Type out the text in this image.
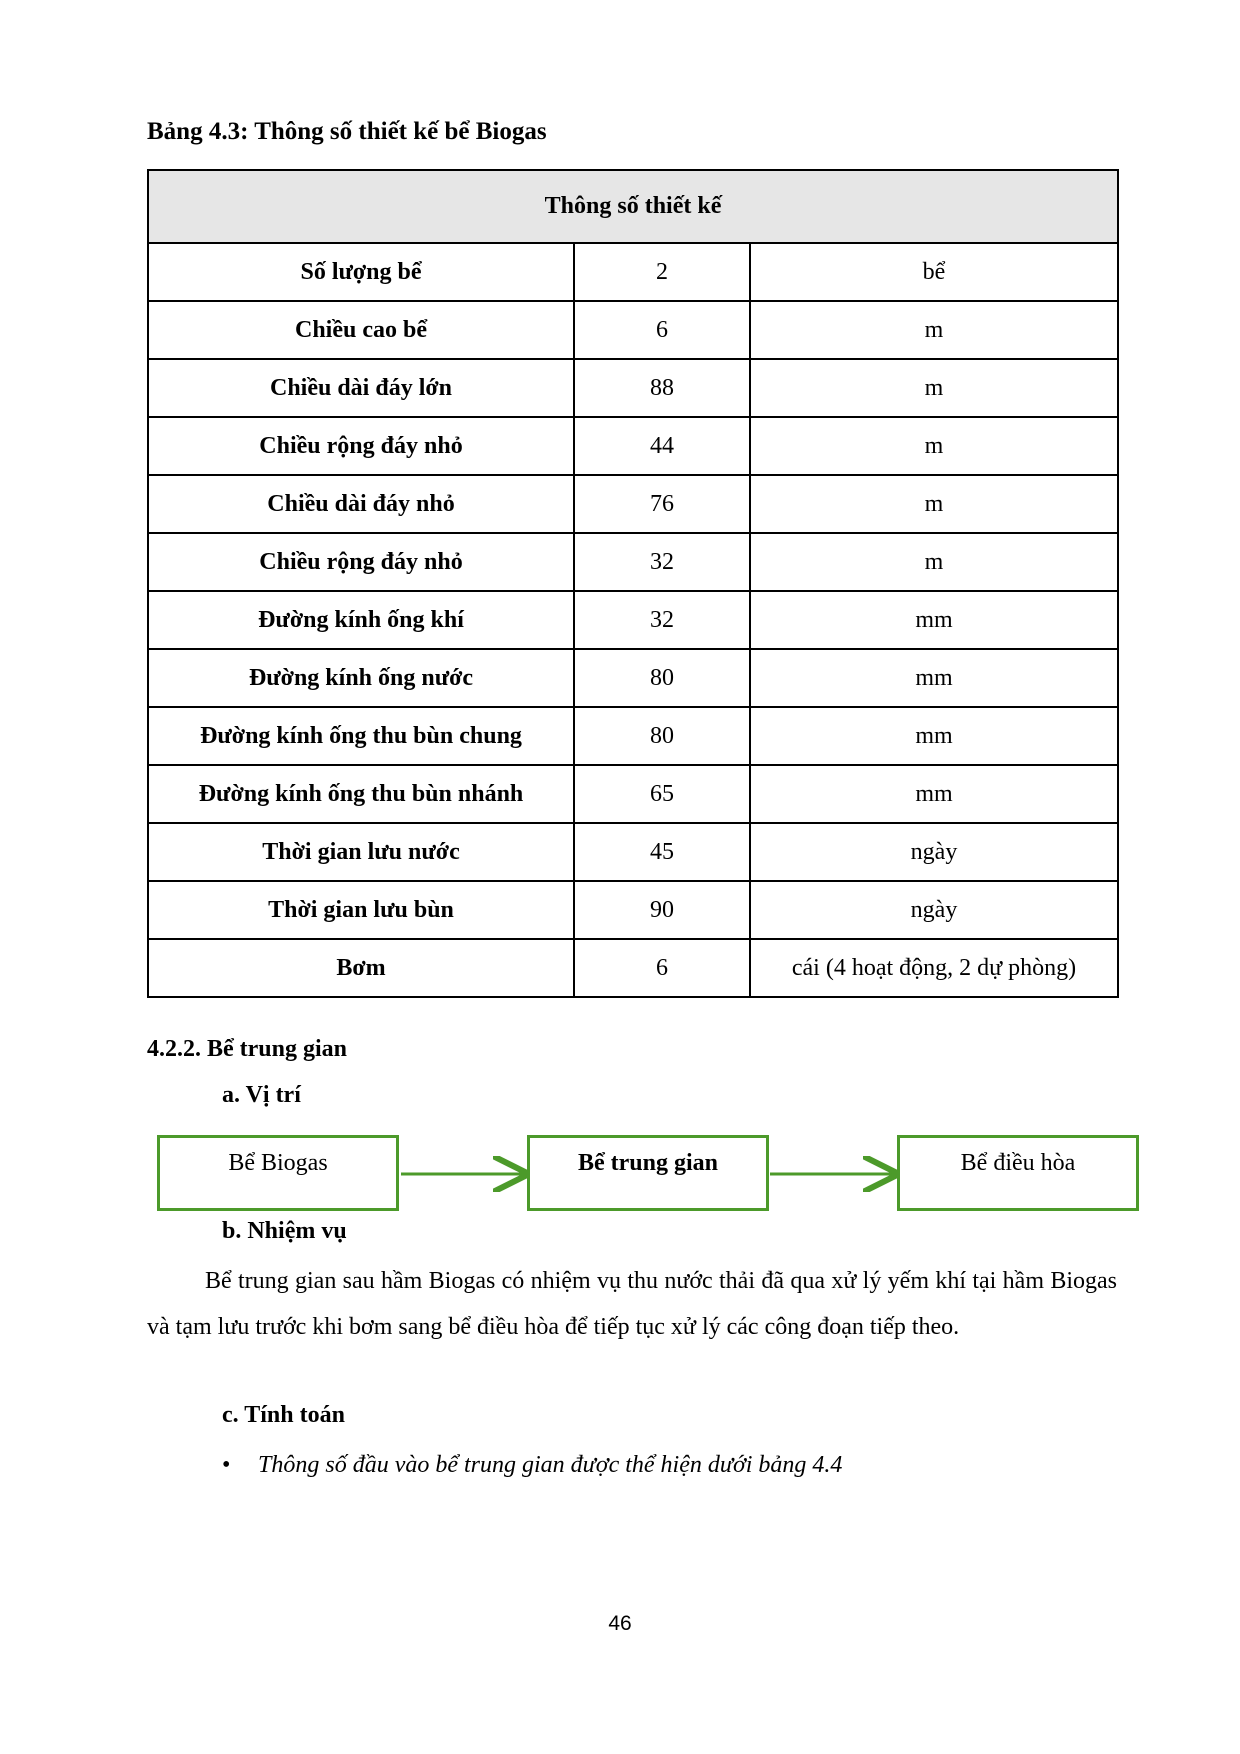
Bảng 4.3: Thông số thiết kế bể Biogas

Thông số thiết kế		
Số lượng bể	2	bể
Chiều cao bể	6	m
Chiều dài đáy lớn	88	m
Chiều rộng đáy nhỏ	44	m
Chiều dài đáy nhỏ	76	m
Chiều rộng đáy nhỏ	32	m
Đường kính ống khí	32	mm
Đường kính ống nước	80	mm
Đường kính ống thu bùn chung	80	mm
Đường kính ống thu bùn nhánh	65	mm
Thời gian lưu nước	45	ngày
Thời gian lưu bùn	90	ngày
Bơm	6	cái (4 hoạt động, 2 dự phòng)
4.2.2. Bể trung gian
a. Vị trí
Bể Biogas	Bể trung gian	Bể điều hòa
b. Nhiệm vụ

Bể trung gian sau hầm Biogas có nhiệm vụ thu nước thải đã qua xử lý yếm khí tại hầm Biogas và tạm lưu trước khi bơm sang bể điều hòa để tiếp tục xử lý các công đoạn tiếp theo.

c. Tính toán
• Thông số đầu vào bể trung gian được thể hiện dưới bảng 4.4
46
